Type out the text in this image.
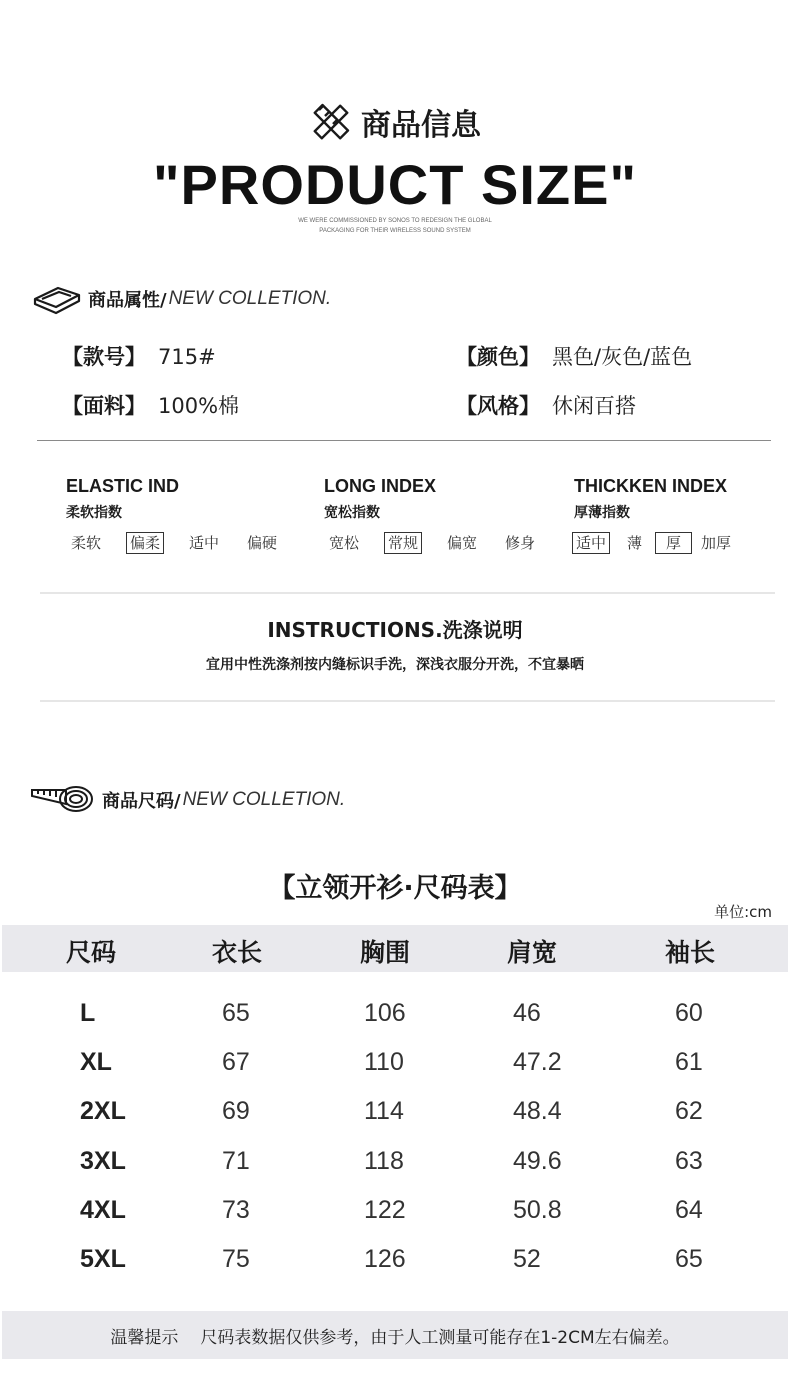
商品信息
"PRODUCT SIZE"
WE WERE COMMISSIONED BY SONOS TO REDESIGN THE GLOBAL
PACKAGING FOR THEIR WIRELESS SOUND SYSTEM
商品属性/ NEW COLLETION.
【款号】 715#	【颜色】 黑色/灰色/蓝色
【面料】 100%棉	【风格】 休闲百搭
ELASTIC IND
柔软指数
柔软 偏柔 适中 偏硬
LONG INDEX
宽松指数
宽松 常规 偏宽 修身
THICKKEN INDEX
厚薄指数
适中 薄	厚	加厚
INSTRUCTIONS.洗涤说明
宜用中性洗涤剂按内缝标识手洗，深浅衣服分开洗，不宜暴晒
商品尺码/ NEW COLLETION.
【立领开衫·尺码表】
单位:cm
尺码	衣长	胸围	肩宽	袖长
L	65	106	46	60
XL	67	110	47.2	61
2XL	69	114	48.4	62
3XL	71	118	49.6	63
4XL	73	122	50.8	64
5XL	75	126	52	65
温馨提示 尺码表数据仅供参考，由于人工测量可能存在1-2CM左右偏差。
